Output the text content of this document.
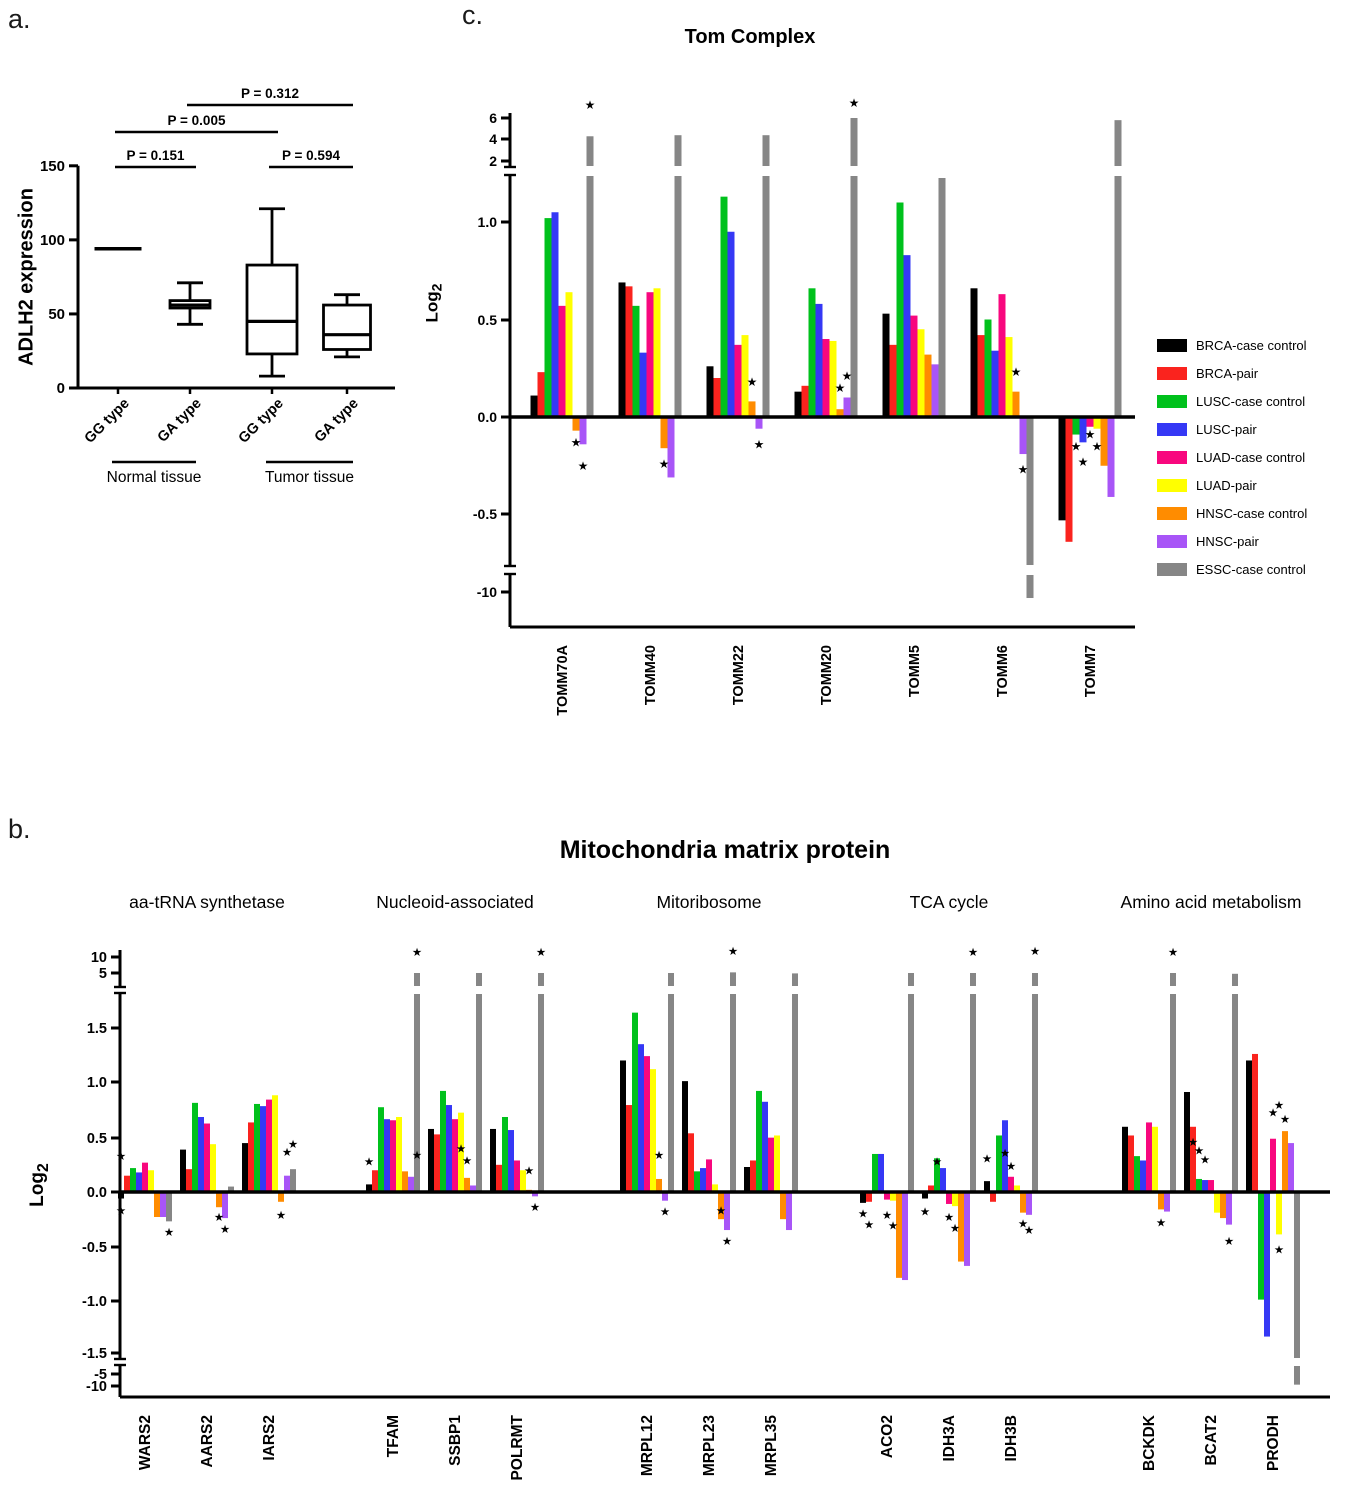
a.	c.
b.
Tom Complex
Mitochondria matrix protein
ADLH2 expression	Log$_2$
Log$_2$
0
50
100
150
P = 0.151
P = 0.005
P = 0.312
P = 0.594
GG type GA type GG type GA type
Normal tissue	Tumor tissue
6
4
2
1.0
0.5
0.0
-0.5
-10
TOMM70A	TOMM40	TOMM22	TOMM20	TOMM5	TOMM6	TOMM7
★
★
★	★
★
★
★
★
★
★
★
★
★
★
★
10
5
1.5
1.0
0.5
0.0
-0.5
-1.0
-1.5
-5
-10
WARS2	AARS2	IARS2	TFAM	SSBP1	POLRMT	MRPL12	MRPL23	MRPL35	ACO2	IDH3A	IDH3B	BCKDK	BCAT2	PRODH
aa-tRNA synthetase	Nucleoid-associated	Mitoribosome	TCA cycle	Amino acid metabolism
★
★
★
★
★
★
★
★
★
★
★
★
★
★
★
★
★
★	★
★
★
★
★
★
★
★
★ ★
★
★
★ ★
★
★
★
★
★
★
★
★
★
★
★
★
★
★
BRCA-case control
BRCA-pair
LUSC-case control
LUSC-pair
LUAD-case control
LUAD-pair
HNSC-case control
HNSC-pair
ESSC-case control
